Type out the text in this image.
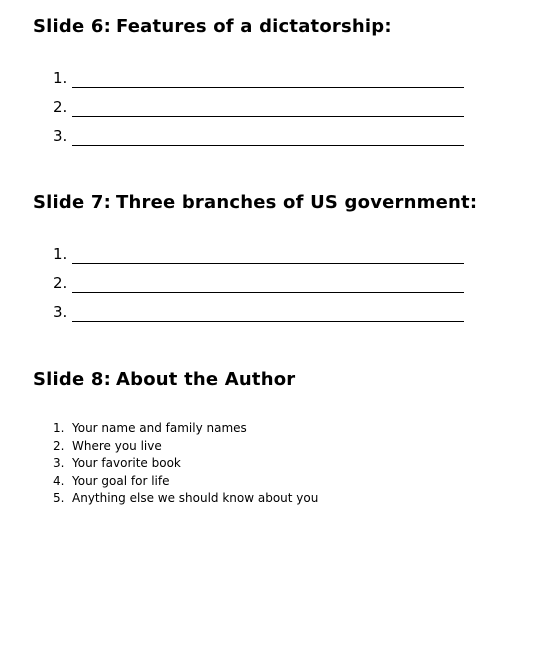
Slide 6: Features of a dictatorship:
1.
2.
3.
Slide 7: Three branches of US government:
1.
2.
3.
Slide 8: About the Author
1. Your name and family names
2. Where you live
3. Your favorite book
4. Your goal for life
5. Anything else we should know about you
